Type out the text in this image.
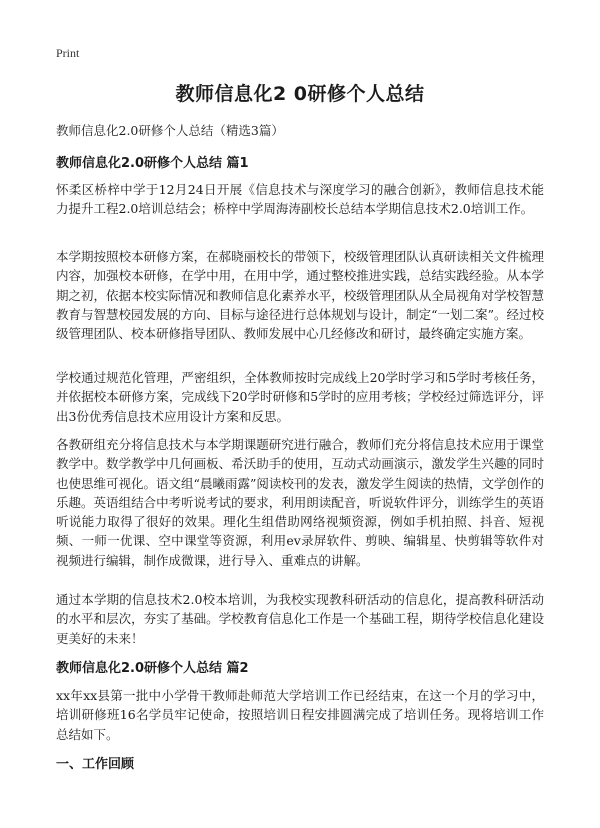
Print
教师信息化2 0研修个人总结
教师信息化2.0研修个人总结（精选3篇）
教师信息化2.0研修个人总结 篇1
怀柔区桥梓中学于12月24日开展《信息技术与深度学习的融合创新》，教师信息技术能力提升工程2.0培训总结会；桥梓中学周海涛副校长总结本学期信息技术2.0培训工作。
本学期按照校本研修方案，在郝晓丽校长的带领下，校级管理团队认真研读相关文件梳理内容，加强校本研修，在学中用，在用中学，通过整校推进实践，总结实践经验。从本学期之初，依据本校实际情况和教师信息化素养水平，校级管理团队从全局视角对学校智慧教育与智慧校园发展的方向、目标与途径进行总体规划与设计，制定“一划二案”。经过校级管理团队、校本研修指导团队、教师发展中心几经修改和研讨，最终确定实施方案。
学校通过规范化管理，严密组织，全体教师按时完成线上20学时学习和5学时考核任务，并依据校本研修方案，完成线下20学时研修和5学时的应用考核；学校经过筛选评分，评出3份优秀信息技术应用设计方案和反思。
各教研组充分将信息技术与本学期课题研究进行融合，教师们充分将信息技术应用于课堂教学中。数学教学中几何画板、希沃助手的使用，互动式动画演示，激发学生兴趣的同时也使思维可视化。语文组“晨曦雨露”阅读校刊的发表，激发学生阅读的热情，文学创作的乐趣。英语组结合中考听说考试的要求，利用朗读配音，听说软件评分，训练学生的英语听说能力取得了很好的效果。理化生组借助网络视频资源，例如手机拍照、抖音、短视频、一师一优课、空中课堂等资源，利用ev录屏软件、剪映、编辑星、快剪辑等软件对视频进行编辑，制作成微课，进行导入、重难点的讲解。
通过本学期的信息技术2.0校本培训，为我校实现教科研活动的信息化，提高教科研活动的水平和层次，夯实了基础。学校教育信息化工作是一个基础工程，期待学校信息化建设更美好的未来！
教师信息化2.0研修个人总结 篇2
xx年xx县第一批中小学骨干教师赴师范大学培训工作已经结束，在这一个月的学习中，培训研修班16名学员牢记使命，按照培训日程安排圆满完成了培训任务。现将培训工作总结如下。
一、工作回顾
